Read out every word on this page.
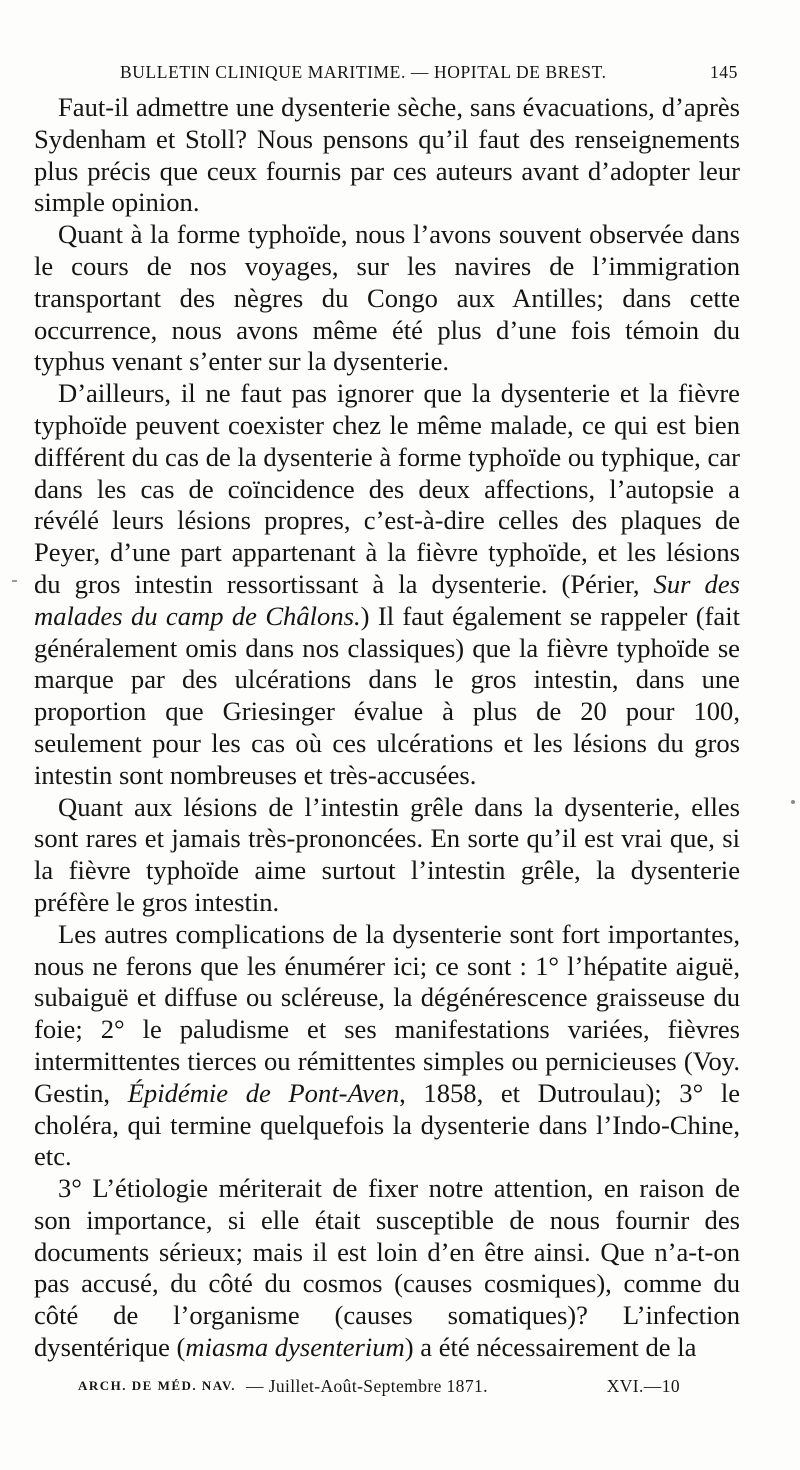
BULLETIN CLINIQUE MARITIME. — HOPITAL DE BREST.	145

Faut-il admettre une dysenterie sèche, sans évacuations, d’après Sydenham et Stoll? Nous pensons qu’il faut des renseignements plus précis que ceux fournis par ces auteurs avant d’adopter leur simple opinion.

Quant à la forme typhoïde, nous l’avons souvent observée dans le cours de nos voyages, sur les navires de l’immigration transportant des nègres du Congo aux Antilles; dans cette occurrence, nous avons même été plus d’une fois témoin du typhus venant s’enter sur la dysenterie.

D’ailleurs, il ne faut pas ignorer que la dysenterie et la fièvre typhoïde peuvent coexister chez le même malade, ce qui est bien différent du cas de la dysenterie à forme typhoïde ou typhique, car dans les cas de coïncidence des deux affections, l’autopsie a révélé leurs lésions propres, c’est-à-dire celles des plaques de Peyer, d’une part appartenant à la fièvre typhoïde, et les lésions du gros intestin ressortissant à la dysenterie. (Périer, Sur des malades du camp de Châlons.) Il faut également se rappeler (fait généralement omis dans nos classiques) que la fièvre typhoïde se marque par des ulcérations dans le gros intestin, dans une proportion que Griesinger évalue à plus de 20 pour 100, seulement pour les cas où ces ulcérations et les lésions du gros intestin sont nombreuses et très-accusées.

Quant aux lésions de l’intestin grêle dans la dysenterie, elles sont rares et jamais très-prononcées. En sorte qu’il est vrai que, si la fièvre typhoïde aime surtout l’intestin grêle, la dysenterie préfère le gros intestin.

Les autres complications de la dysenterie sont fort importantes, nous ne ferons que les énumérer ici; ce sont : 1° l’hépatite aiguë, subaiguë et diffuse ou scléreuse, la dégénérescence graisseuse du foie; 2° le paludisme et ses manifestations variées, fièvres intermittentes tierces ou rémittentes simples ou pernicieuses (Voy. Gestin, Épidémie de Pont-Aven, 1858, et Dutroulau); 3° le choléra, qui termine quelquefois la dysenterie dans l’Indo-Chine, etc.

3° L’étiologie mériterait de fixer notre attention, en raison de son importance, si elle était susceptible de nous fournir des documents sérieux; mais il est loin d’en être ainsi. Que n’a-t-on pas accusé, du côté du cosmos (causes cosmiques), comme du côté de l’organisme (causes somatiques)? L’infection dysentérique (miasma dysenterium) a été nécessairement de la

ARCH. DE MÉD. NAV. — Juillet-Août-Septembre 1871.	XVI.—10
